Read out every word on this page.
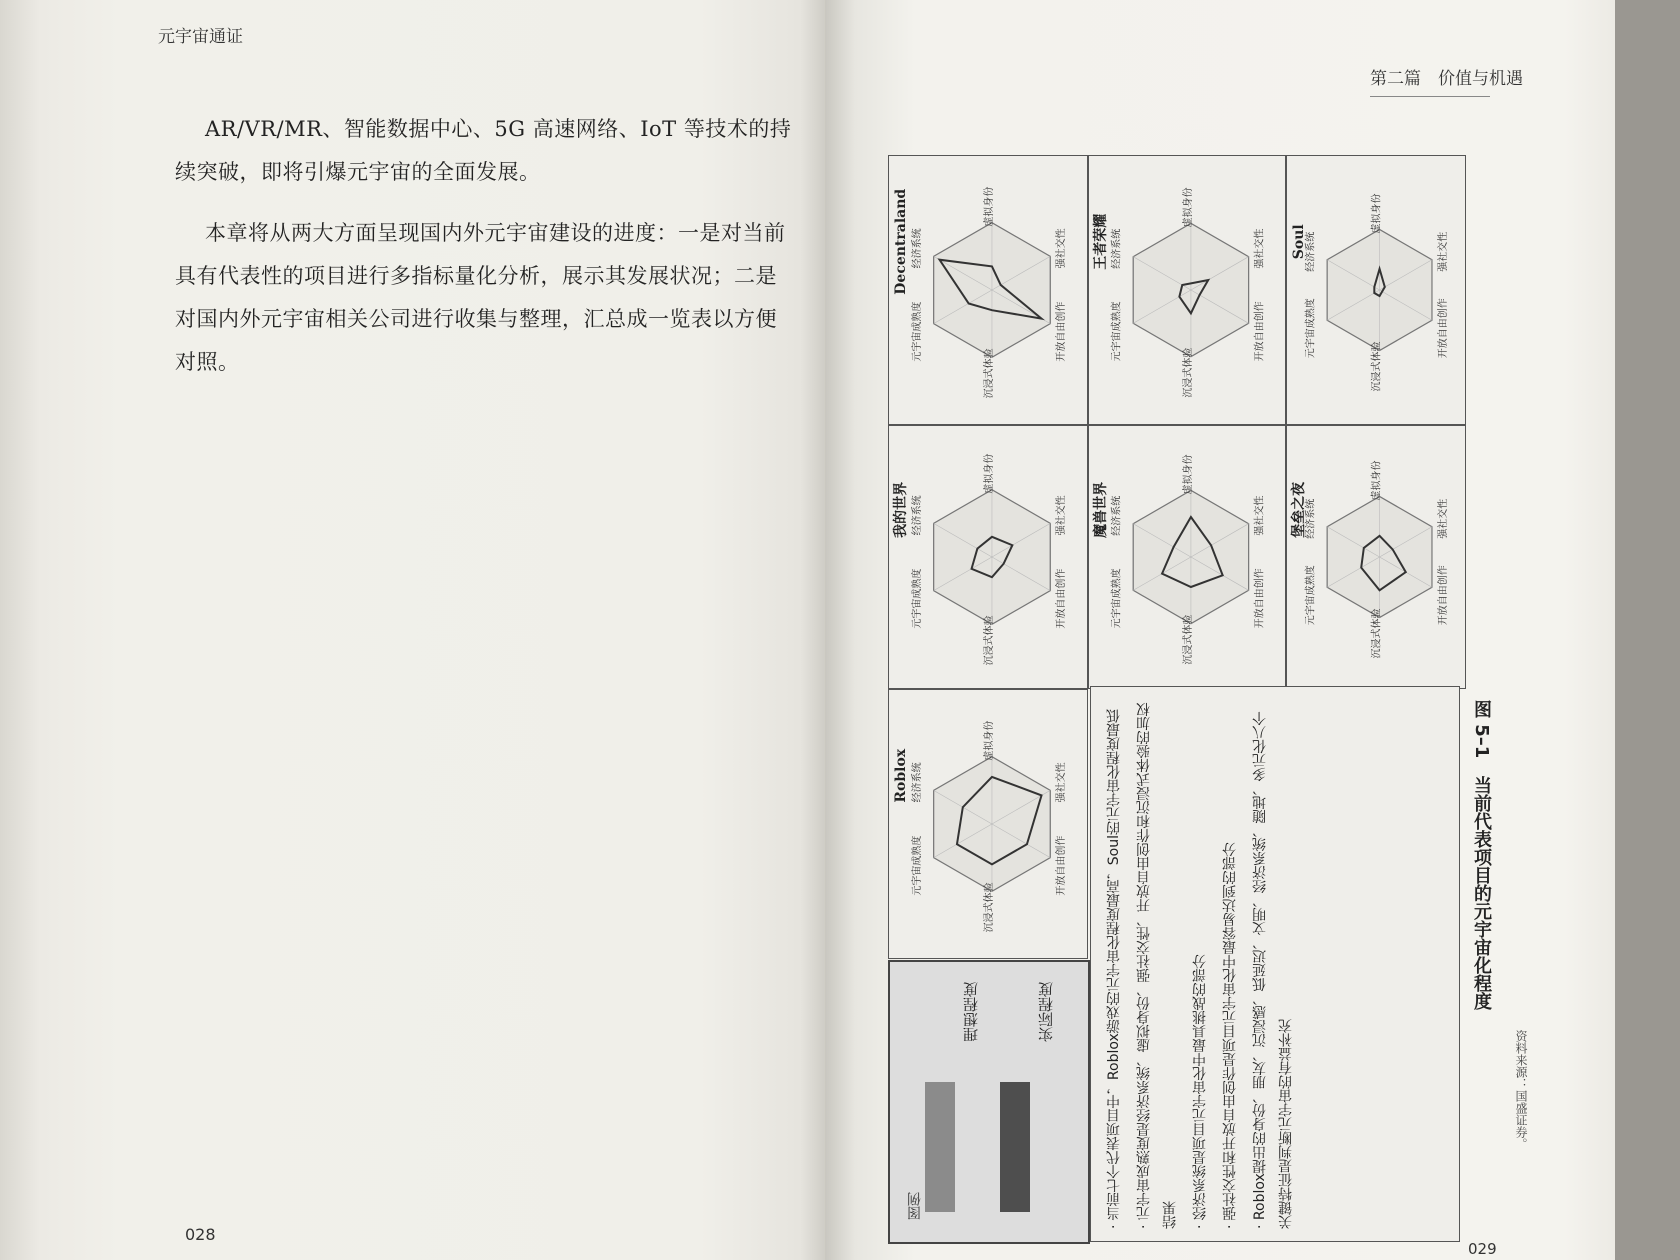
元宇宙通证
第二篇　价值与机遇

AR/VR/MR、智能数据中心、5G 高速网络、IoT 等技术的持续突破，即将引爆元宇宙的全面发展。

本章将从两大方面呈现国内外元宇宙建设的进度：一是对当前具有代表性的项目进行多指标量化分析，展示其发展状况；二是对国内外元宇宙相关公司进行收集与整理，汇总成一览表以方便对照。

028
029
元宇宙成熟度
经济系统
虚拟身份
强社交性
开放自由创作
沉浸式体验
Decentraland
元宇宙成熟度
经济系统
虚拟身份
强社交性
开放自由创作
沉浸式体验
王者荣耀
元宇宙成熟度
经济系统
虚拟身份
强社交性
开放自由创作
沉浸式体验
Soul
元宇宙成熟度
经济系统
虚拟身份
强社交性
开放自由创作
沉浸式体验
我的世界
元宇宙成熟度
经济系统
虚拟身份
强社交性
开放自由创作
沉浸式体验
魔兽世界
元宇宙成熟度
经济系统
虚拟身份
强社交性
开放自由创作
沉浸式体验
堡垒之夜
元宇宙成熟度
经济系统
虚拟身份
强社交性
开放自由创作
沉浸式体验
Roblox	· 当前七个代表项目中，Roblox游戏的元宇宙化程度最高，Soul的元宇宙化程度最低	· 元宇宙成熟度是经济系统、虚拟身份、强社交性、开放自由创作和沉浸式体验的加权结果	· 经济系统是项目元宇宙化中最具挑战的部分	· 强社交性和开放自由创作是项目元宇宙化中最容易达到的部分	· Roblox提出的身份、朋友、沉浸感、低延迟、文明、经济系统、随地、多元化八个关键特征是判断元宇宙的有益补充
图例
理想程度	实际程度
图 5–1　当前代表项目的元宇宙化程度
资料来源：国盛证券。
